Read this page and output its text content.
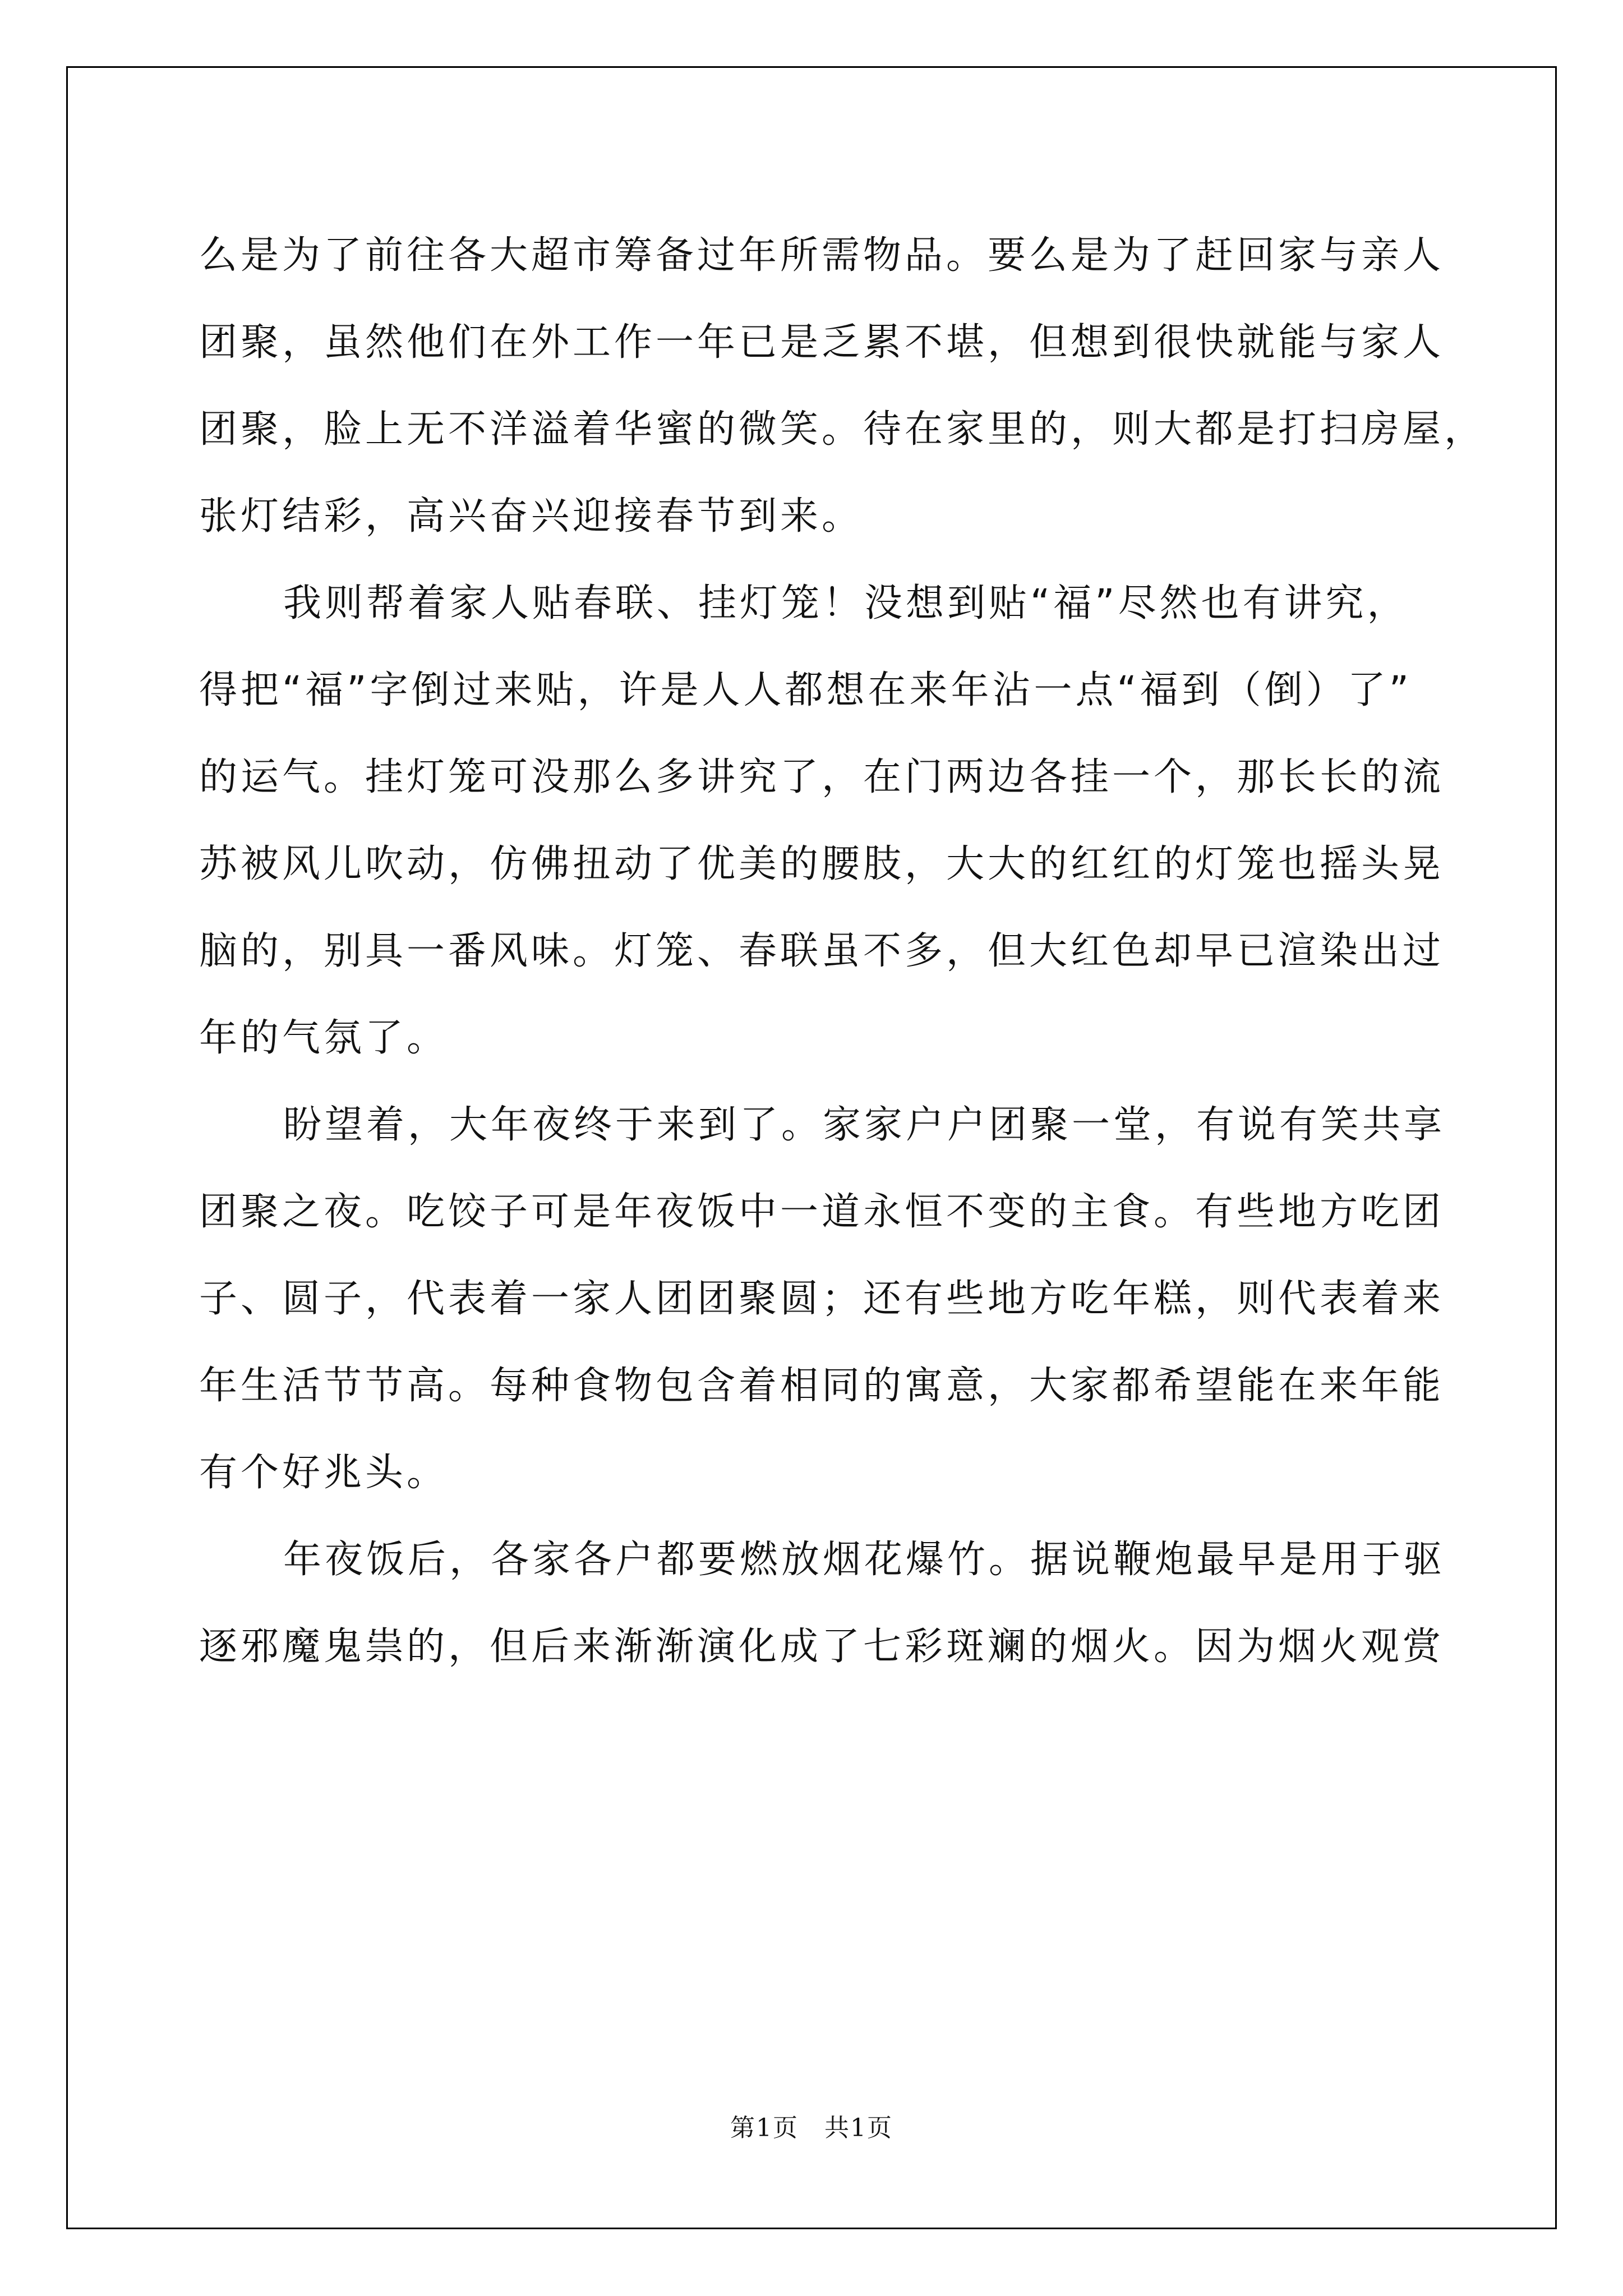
么是为了前往各大超市筹备过年所需物品。要么是为了赶回家与亲人
团聚，虽然他们在外工作一年已是乏累不堪，但想到很快就能与家人
团聚，脸上无不洋溢着华蜜的微笑。待在家里的，则大都是打扫房屋，
张灯结彩，高兴奋兴迎接春节到来。
我则帮着家人贴春联、挂灯笼！没想到贴“福”尽然也有讲究，
得把“福”字倒过来贴，许是人人都想在来年沾一点“福到（倒）了”
的运气。挂灯笼可没那么多讲究了，在门两边各挂一个，那长长的流
苏被风儿吹动，仿佛扭动了优美的腰肢，大大的红红的灯笼也摇头晃
脑的，别具一番风味。灯笼、春联虽不多，但大红色却早已渲染出过
年的气氛了。
盼望着，大年夜终于来到了。家家户户团聚一堂，有说有笑共享
团聚之夜。吃饺子可是年夜饭中一道永恒不变的主食。有些地方吃团
子、圆子，代表着一家人团团聚圆；还有些地方吃年糕，则代表着来
年生活节节高。每种食物包含着相同的寓意，大家都希望能在来年能
有个好兆头。
年夜饭后，各家各户都要燃放烟花爆竹。据说鞭炮最早是用于驱
逐邪魔鬼祟的，但后来渐渐演化成了七彩斑斓的烟火。因为烟火观赏
第1页　共1页
